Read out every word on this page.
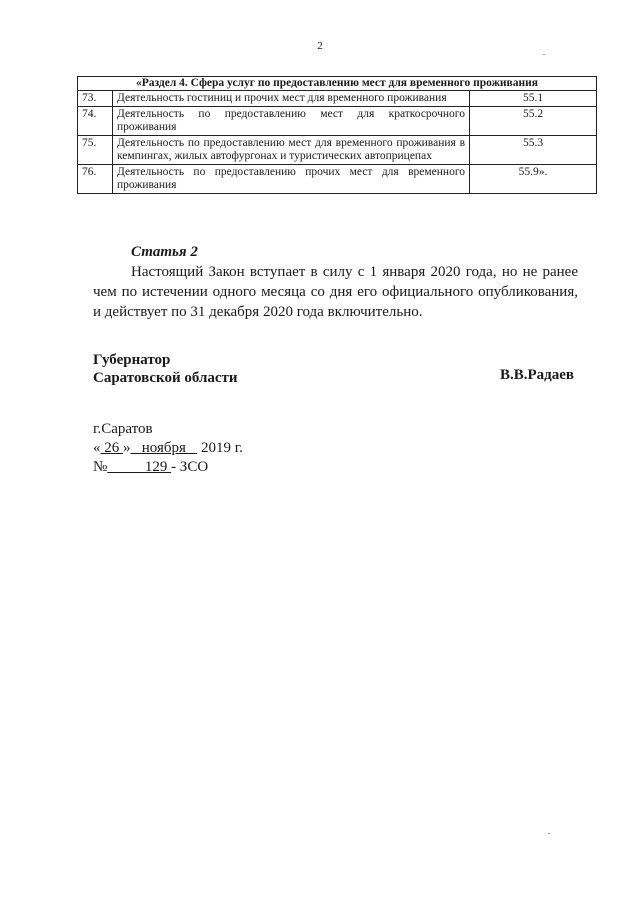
2
«Раздел 4. Сфера услуг по предоставлению мест для временного проживания		
73.	Деятельность гостиниц и прочих мест для временного проживания	55.1
74.	Деятельность по предоставлению мест для краткосрочного проживания	55.2
75.	Деятельность по предоставлению мест для временного проживания в кемпингах, жилых автофургонах и туристических автоприцепах	55.3
76.	Деятельность по предоставлению прочих мест для временного проживания	55.9».
Статья 2

Настоящий Закон вступает в силу с 1 января 2020 года, но не ранее чем по истечении одного месяца со дня его официального опубликования, и действует по 31 декабря 2020 года включительно.

Губернатор
Саратовской области	В.В.Радаев
г.Саратов
« 26 »   ноября    2019 г.
№          129 - ЗСО
